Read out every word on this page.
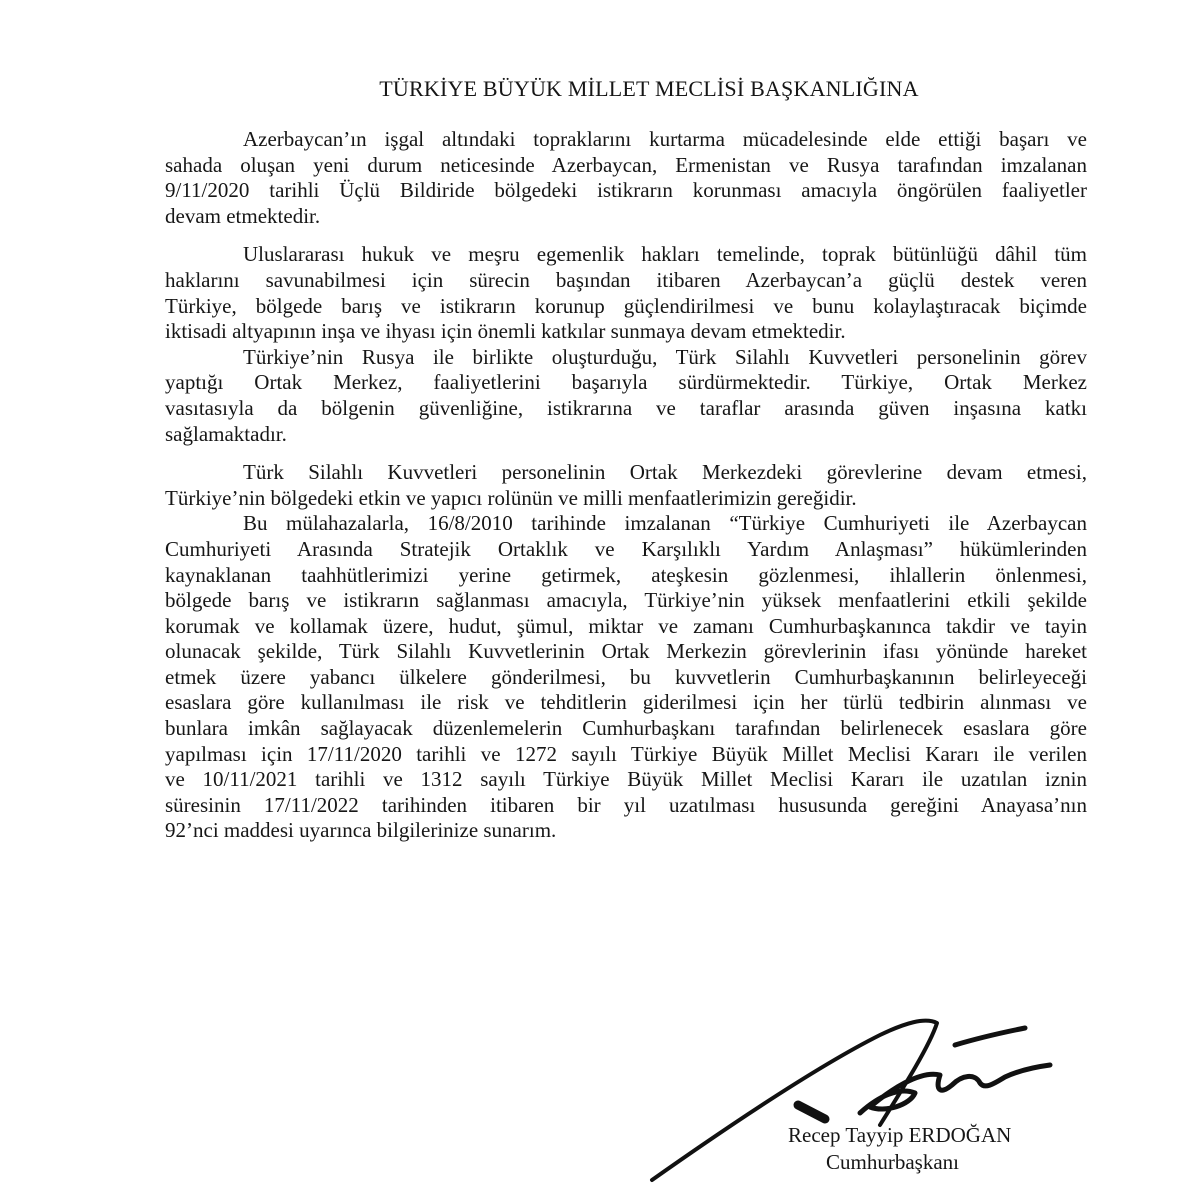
TÜRKİYE BÜYÜK MİLLET MECLİSİ BAŞKANLIĞINA
Azerbaycan’ın işgal altındaki topraklarını kurtarma mücadelesinde elde ettiği başarı ve
sahada oluşan yeni durum neticesinde Azerbaycan, Ermenistan ve Rusya tarafından imzalanan
9/11/2020 tarihli Üçlü Bildiride bölgedeki istikrarın korunması amacıyla öngörülen faaliyetler
devam etmektedir.
Uluslararası hukuk ve meşru egemenlik hakları temelinde, toprak bütünlüğü dâhil tüm
haklarını savunabilmesi için sürecin başından itibaren Azerbaycan’a güçlü destek veren
Türkiye, bölgede barış ve istikrarın korunup güçlendirilmesi ve bunu kolaylaştıracak biçimde
iktisadi altyapının inşa ve ihyası için önemli katkılar sunmaya devam etmektedir.
Türkiye’nin Rusya ile birlikte oluşturduğu, Türk Silahlı Kuvvetleri personelinin görev
yaptığı Ortak Merkez, faaliyetlerini başarıyla sürdürmektedir. Türkiye, Ortak Merkez
vasıtasıyla da bölgenin güvenliğine, istikrarına ve taraflar arasında güven inşasına katkı
sağlamaktadır.
Türk Silahlı Kuvvetleri personelinin Ortak Merkezdeki görevlerine devam etmesi,
Türkiye’nin bölgedeki etkin ve yapıcı rolünün ve milli menfaatlerimizin gereğidir.
Bu mülahazalarla, 16/8/2010 tarihinde imzalanan “Türkiye Cumhuriyeti ile Azerbaycan
Cumhuriyeti Arasında Stratejik Ortaklık ve Karşılıklı Yardım Anlaşması” hükümlerinden
kaynaklanan taahhütlerimizi yerine getirmek, ateşkesin gözlenmesi, ihlallerin önlenmesi,
bölgede barış ve istikrarın sağlanması amacıyla, Türkiye’nin yüksek menfaatlerini etkili şekilde
korumak ve kollamak üzere, hudut, şümul, miktar ve zamanı Cumhurbaşkanınca takdir ve tayin
olunacak şekilde, Türk Silahlı Kuvvetlerinin Ortak Merkezin görevlerinin ifası yönünde hareket
etmek üzere yabancı ülkelere gönderilmesi, bu kuvvetlerin Cumhurbaşkanının belirleyeceği
esaslara göre kullanılması ile risk ve tehditlerin giderilmesi için her türlü tedbirin alınması ve
bunlara imkân sağlayacak düzenlemelerin Cumhurbaşkanı tarafından belirlenecek esaslara göre
yapılması için 17/11/2020 tarihli ve 1272 sayılı Türkiye Büyük Millet Meclisi Kararı ile verilen
ve 10/11/2021 tarihli ve 1312 sayılı Türkiye Büyük Millet Meclisi Kararı ile uzatılan iznin
süresinin 17/11/2022 tarihinden itibaren bir yıl uzatılması hususunda gereğini Anayasa’nın
92’nci maddesi uyarınca bilgilerinize sunarım.
Recep Tayyip ERDOĞAN
Cumhurbaşkanı
